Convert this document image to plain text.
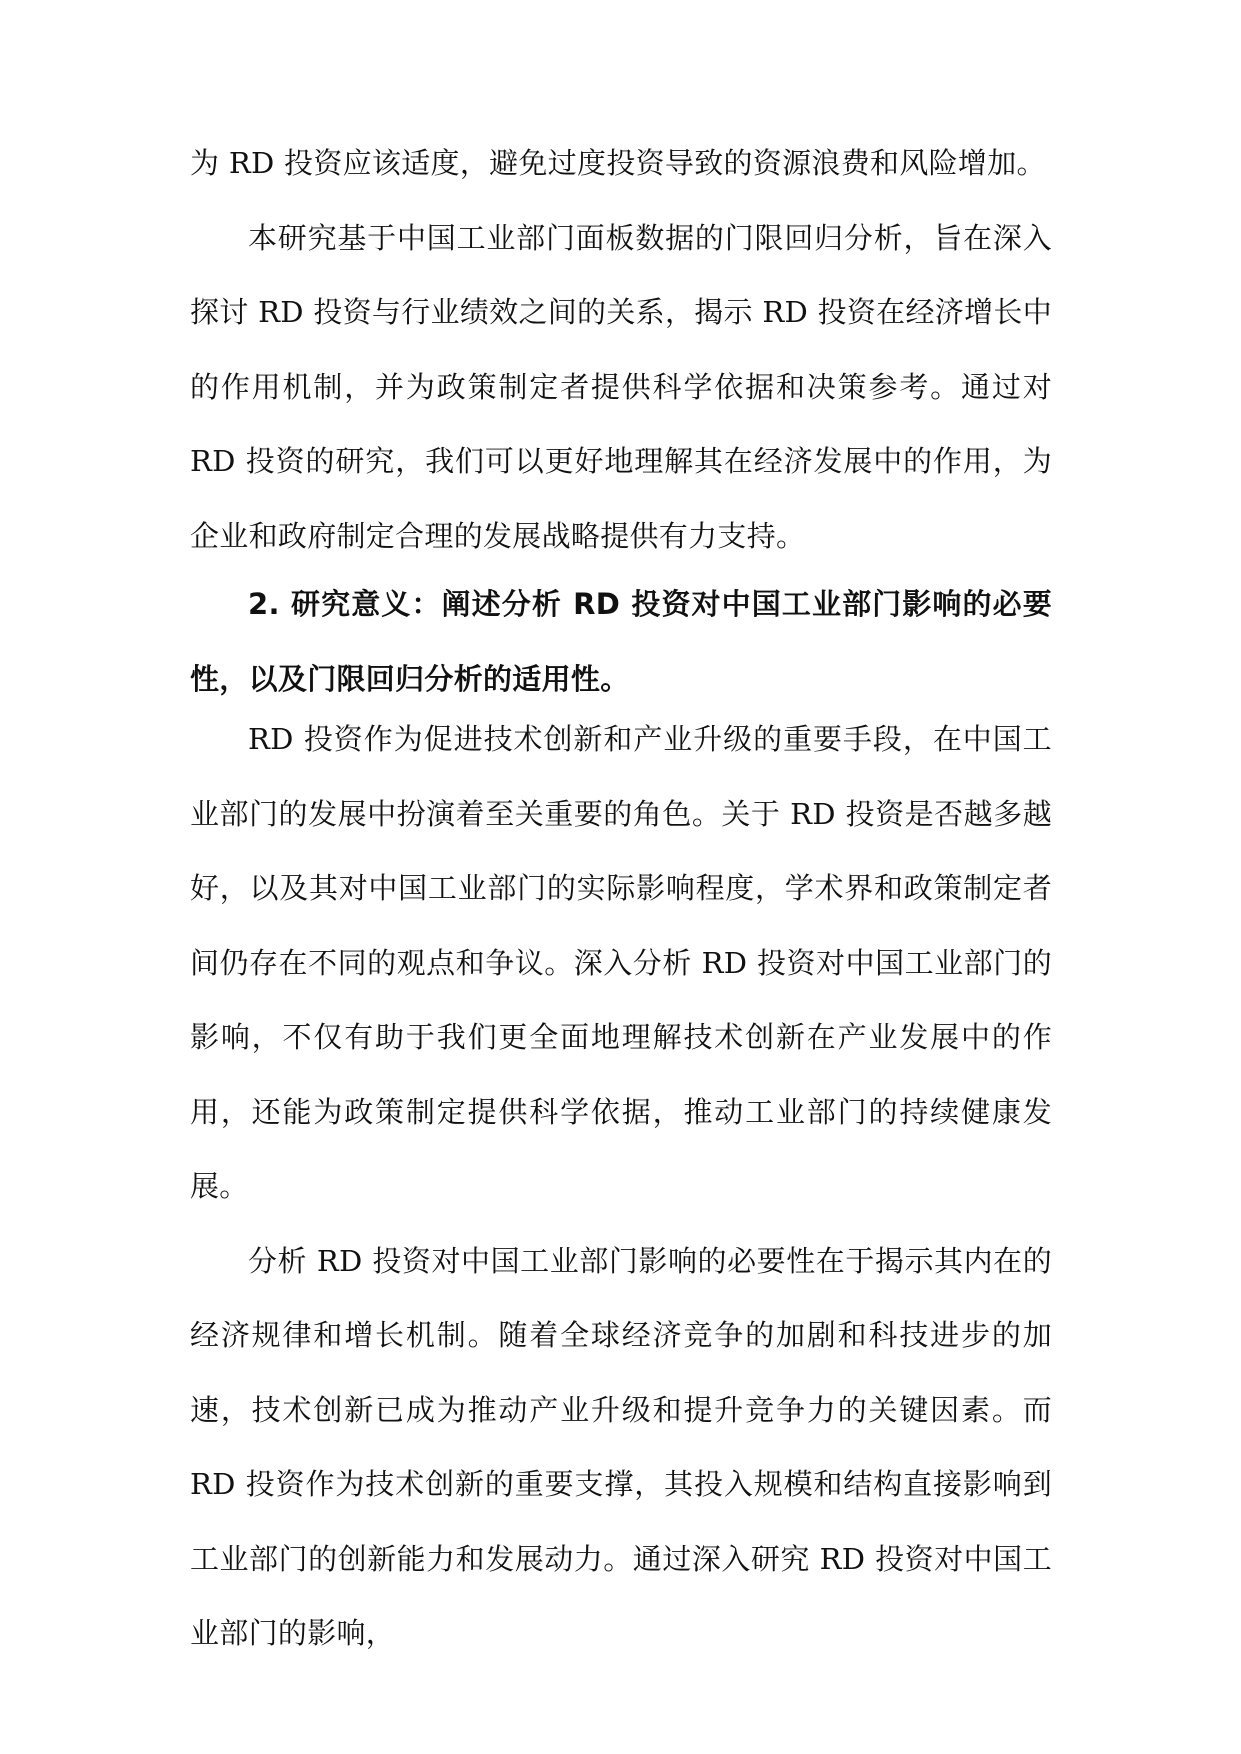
为 RD 投资应该适度，避免过度投资导致的资源浪费和风险增加。

本研究基于中国工业部门面板数据的门限回归分析，旨在深入探讨 RD 投资与行业绩效之间的关系，揭示 RD 投资在经济增长中的作用机制，并为政策制定者提供科学依据和决策参考。通过对 RD 投资的研究，我们可以更好地理解其在经济发展中的作用，为企业和政府制定合理的发展战略提供有力支持。

2. 研究意义：阐述分析 RD 投资对中国工业部门影响的必要性，以及门限回归分析的适用性。

RD 投资作为促进技术创新和产业升级的重要手段，在中国工业部门的发展中扮演着至关重要的角色。关于 RD 投资是否越多越好，以及其对中国工业部门的实际影响程度，学术界和政策制定者间仍存在不同的观点和争议。深入分析 RD 投资对中国工业部门的影响，不仅有助于我们更全面地理解技术创新在产业发展中的作用，还能为政策制定提供科学依据，推动工业部门的持续健康发展。

分析 RD 投资对中国工业部门影响的必要性在于揭示其内在的经济规律和增长机制。随着全球经济竞争的加剧和科技进步的加速，技术创新已成为推动产业升级和提升竞争力的关键因素。而 RD 投资作为技术创新的重要支撑，其投入规模和结构直接影响到工业部门的创新能力和发展动力。通过深入研究 RD 投资对中国工业部门的影响，
